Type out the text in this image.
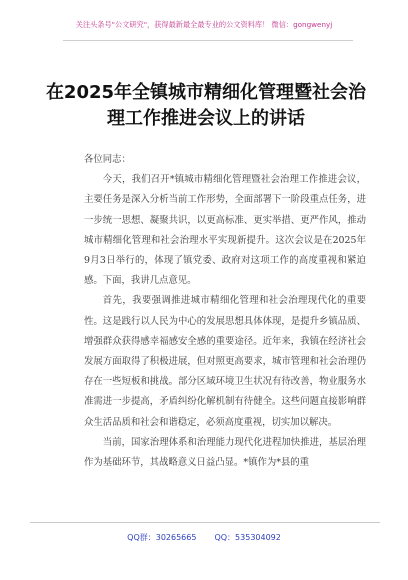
关注头条号"公文研究"，获得最新最全最专业的公文资料库！ 微信：gongwenyj
在2025年全镇城市精细化管理暨社会治
理工作推进会议上的讲话

各位同志：

今天，我们召开*镇城市精细化管理暨社会治理工作推进会议，主要任务是深入分析当前工作形势，全面部署下一阶段重点任务，进一步统一思想、凝聚共识，以更高标准、更实举措、更严作风，推动城市精细化管理和社会治理水平实现新提升。这次会议是在2025年9月3日举行的，体现了镇党委、政府对这项工作的高度重视和紧迫感。下面，我讲几点意见。

首先，我要强调推进城市精细化管理和社会治理现代化的重要性。这是践行以人民为中心的发展思想具体体现，是提升乡镇品质、增强群众获得感幸福感安全感的重要途径。近年来，我镇在经济社会发展方面取得了积极进展，但对照更高要求，城市管理和社会治理仍存在一些短板和挑战。部分区域环境卫生状况有待改善，物业服务水准需进一步提高，矛盾纠纷化解机制有待健全。这些问题直接影响群众生活品质和社会和谐稳定，必须高度重视，切实加以解决。

当前，国家治理体系和治理能力现代化进程加快推进，基层治理作为基础环节，其战略意义日益凸显。*镇作为*县的重

QQ群：30265665 QQ：535304092
